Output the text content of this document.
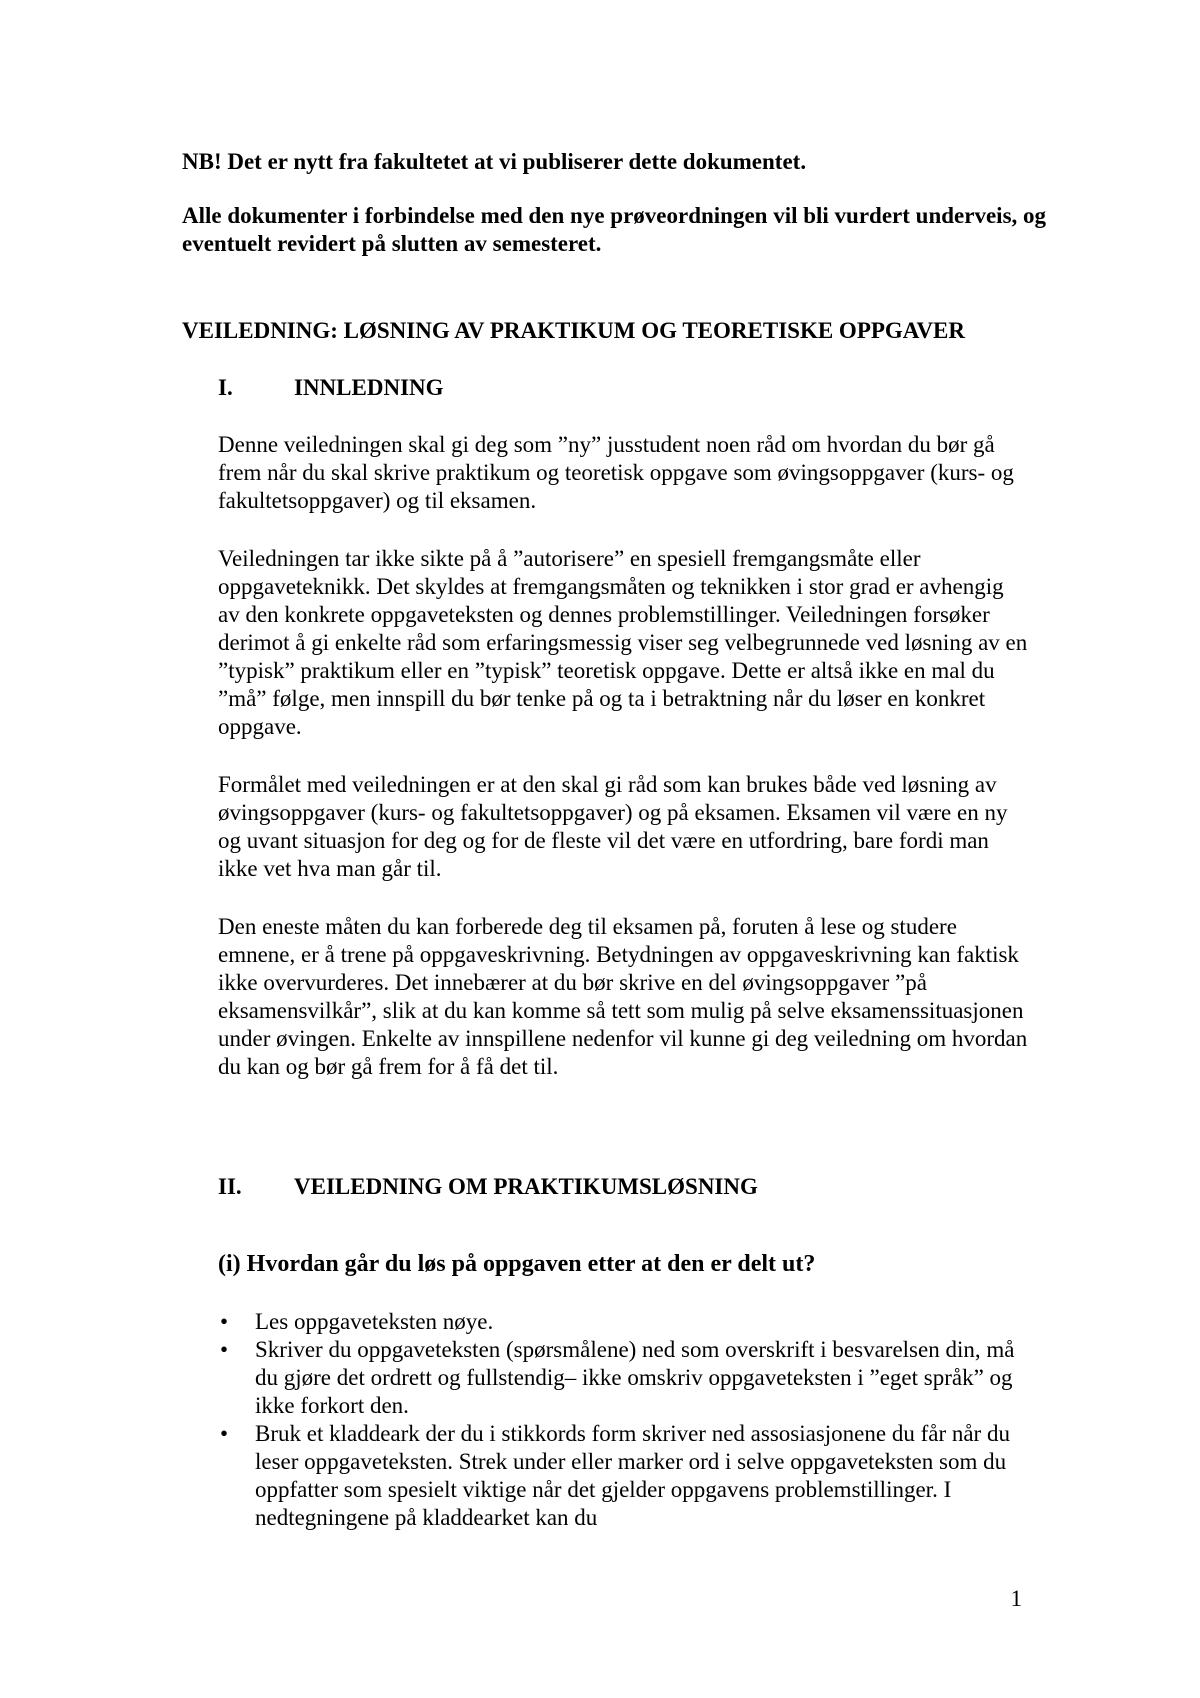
NB! Det er nytt fra fakultetet at vi publiserer dette dokumentet.

Alle dokumenter i forbindelse med den nye prøveordningen vil bli vurdert underveis, og eventuelt revidert på slutten av semesteret.

VEILEDNING: LØSNING AV PRAKTIKUM OG TEORETISKE OPPGAVER
I.	INNLEDNING

Denne veiledningen skal gi deg som ”ny” jusstudent noen råd om hvordan du bør gå frem når du skal skrive praktikum og teoretisk oppgave som øvingsoppgaver (kurs- og fakultetsoppgaver) og til eksamen.

Veiledningen tar ikke sikte på å ”autorisere” en spesiell fremgangsmåte eller oppgaveteknikk. Det skyldes at fremgangsmåten og teknikken i stor grad er avhengig av den konkrete oppgaveteksten og dennes problemstillinger. Veiledningen forsøker derimot å gi enkelte råd som erfaringsmessig viser seg velbegrunnede ved løsning av en ”typisk” praktikum eller en ”typisk” teoretisk oppgave. Dette er altså ikke en mal du ”må” følge, men innspill du bør tenke på og ta i betraktning når du løser en konkret oppgave.

Formålet med veiledningen er at den skal gi råd som kan brukes både ved løsning av øvingsoppgaver (kurs- og fakultetsoppgaver) og på eksamen. Eksamen vil være en ny og uvant situasjon for deg og for de fleste vil det være en utfordring, bare fordi man ikke vet hva man går til.

Den eneste måten du kan forberede deg til eksamen på, foruten å lese og studere emnene, er å trene på oppgaveskrivning. Betydningen av oppgaveskrivning kan faktisk ikke overvurderes. Det innebærer at du bør skrive en del øvingsoppgaver ”på eksamensvilkår”, slik at du kan komme så tett som mulig på selve eksamenssituasjonen under øvingen. Enkelte av innspillene nedenfor vil kunne gi deg veiledning om hvordan du kan og bør gå frem for å få det til.

II. VEILEDNING OM PRAKTIKUMSLØSNING
(i) Hvordan går du løs på oppgaven etter at den er delt ut?
• Les oppgaveteksten nøye.
• Skriver du oppgaveteksten (spørsmålene) ned som overskrift i besvarelsen din, må du gjøre det ordrett og fullstendig– ikke omskriv oppgaveteksten i ”eget språk” og ikke forkort den.
• Bruk et kladdeark der du i stikkords form skriver ned assosiasjonene du får når du leser oppgaveteksten. Strek under eller marker ord i selve oppgaveteksten som du oppfatter som spesielt viktige når det gjelder oppgavens problemstillinger. I nedtegningene på kladdearket kan du
1
